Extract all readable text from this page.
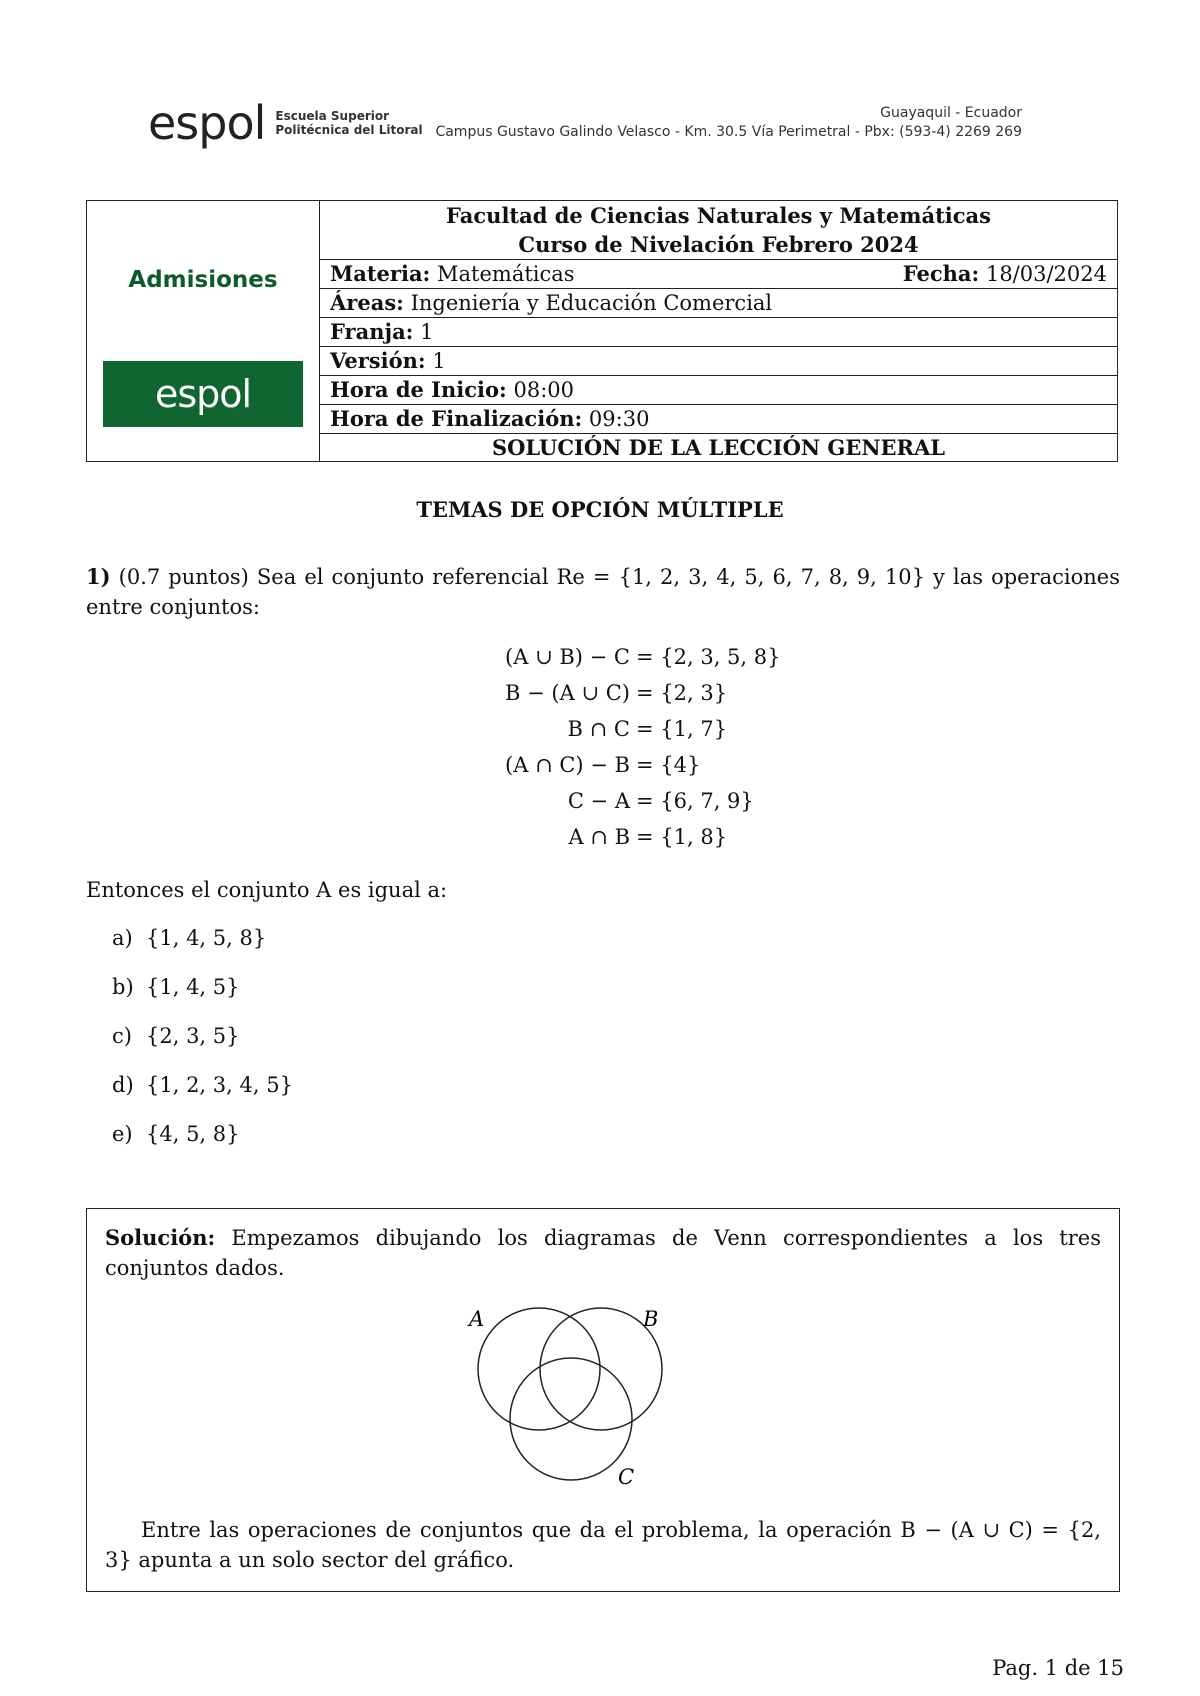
espol Escuela Superior
Politécnica del Litoral
Guayaquil - Ecuador
Campus Gustavo Galindo Velasco - Km. 30.5 Vía Perimetral - Pbx: (593-4) 2269 269
Admisiones
espol

Facultad de Ciencias Naturales y Matemáticas
Curso de Nivelación Febrero 2024

Materia: Matemáticas	Fecha: 18/03/2024

Áreas: Ingeniería y Educación Comercial
Franja: 1
Versión: 1
Hora de Inicio: 08:00
Hora de Finalización: 09:30
SOLUCIÓN DE LA LECCIÓN GENERAL
TEMAS DE OPCIÓN MÚLTIPLE
1) (0.7 puntos) Sea el conjunto referencial Re = {1, 2, 3, 4, 5, 6, 7, 8, 9, 10} y las operaciones entre conjuntos:
(A ∪ B) − C = {2, 3, 5, 8}
B − (A ∪ C) = {2, 3}
B ∩ C = {1, 7}
(A ∩ C) − B = {4}
C − A = {6, 7, 9}
A ∩ B = {1, 8}
Entonces el conjunto A es igual a:
a) {1, 4, 5, 8}
b) {1, 4, 5}
c) {2, 3, 5}
d) {1, 2, 3, 4, 5}
e) {4, 5, 8}
Solución: Empezamos dibujando los diagramas de Venn correspondientes a los tres conjuntos dados.
A	B
C
Entre las operaciones de conjuntos que da el problema, la operación B − (A ∪ C) = {2, 3} apunta a un solo sector del gráfico.
Pag. 1 de 15
